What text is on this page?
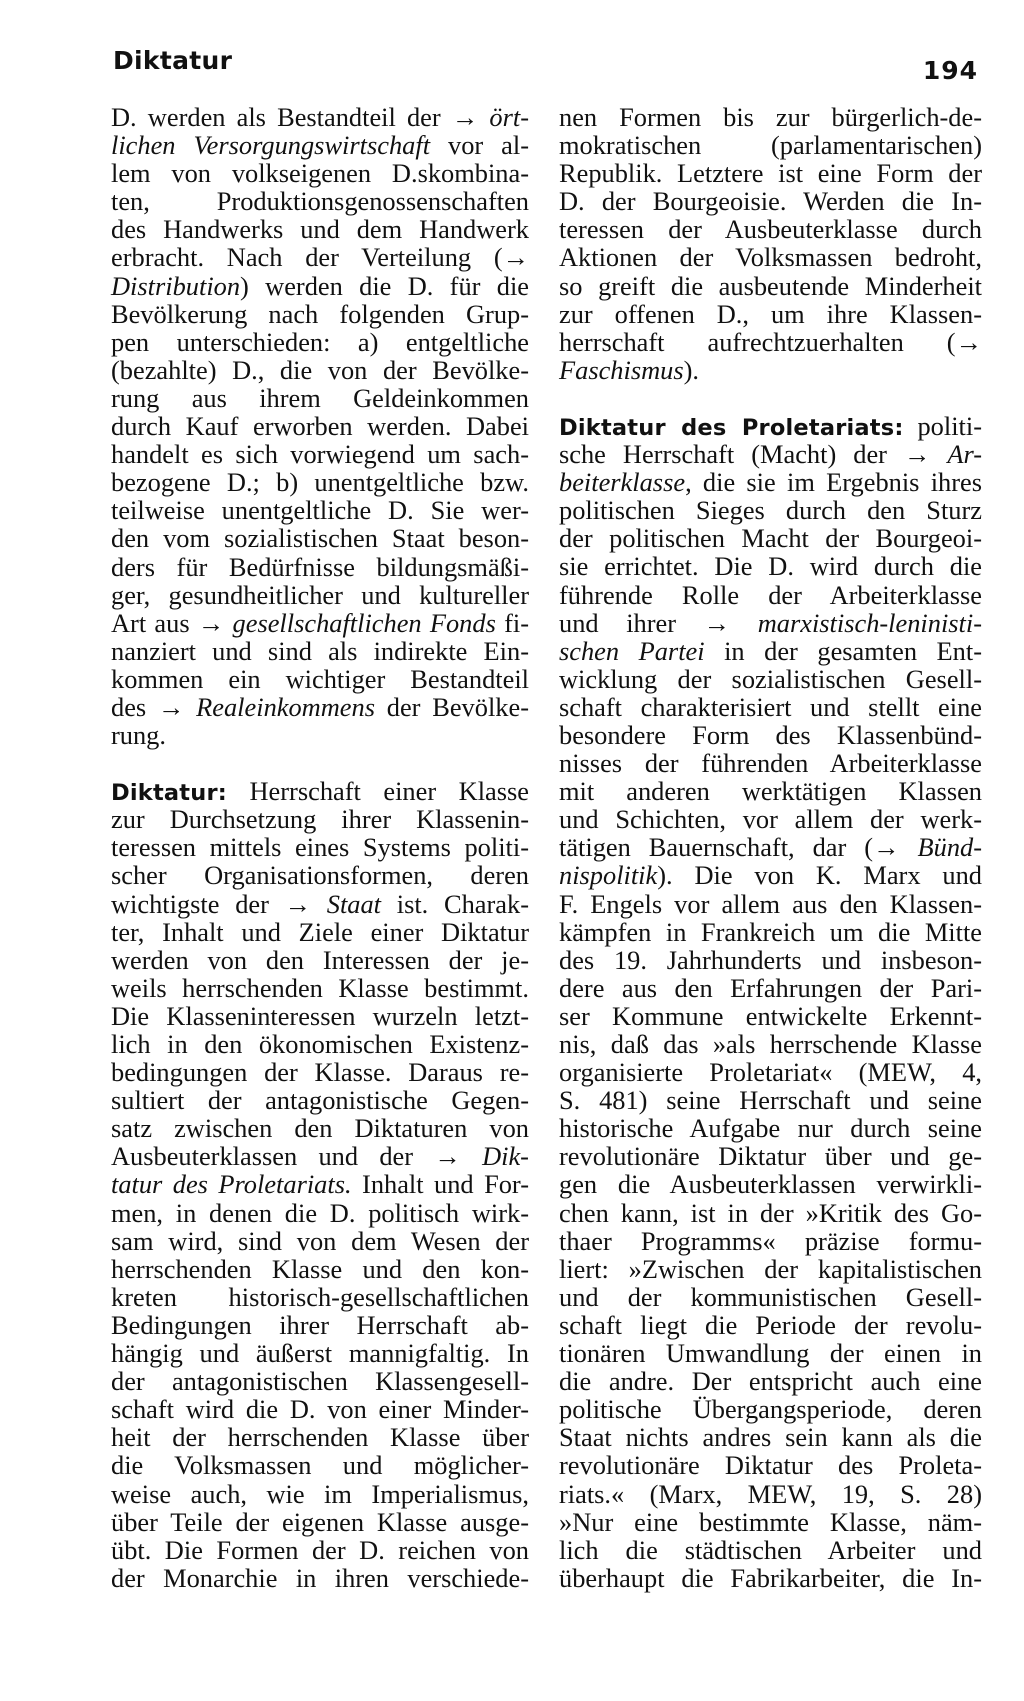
Diktatur	194
D. werden als Bestandteil der → ört-
lichen Versorgungswirtschaft vor al-
lem von volkseigenen D.skombina-
ten, Produktionsgenossenschaften
des Handwerks und dem Handwerk
erbracht. Nach der Verteilung (→
Distribution) werden die D. für die
Bevölkerung nach folgenden Grup-
pen unterschieden: a) entgeltliche
(bezahlte) D., die von der Bevölke-
rung aus ihrem Geldeinkommen
durch Kauf erworben werden. Dabei
handelt es sich vorwiegend um sach-
bezogene D.; b) unentgeltliche bzw.
teilweise unentgeltliche D. Sie wer-
den vom sozialistischen Staat beson-
ders für Bedürfnisse bildungsmäßi-
ger, gesundheitlicher und kultureller
Art aus → gesellschaftlichen Fonds fi-
nanziert und sind als indirekte Ein-
kommen ein wichtiger Bestandteil
des → Realeinkommens der Bevölke-
rung.
Diktatur: Herrschaft einer Klasse
zur Durchsetzung ihrer Klassenin-
teressen mittels eines Systems politi-
scher Organisationsformen, deren
wichtigste der → Staat ist. Charak-
ter, Inhalt und Ziele einer Diktatur
werden von den Interessen der je-
weils herrschenden Klasse bestimmt.
Die Klasseninteressen wurzeln letzt-
lich in den ökonomischen Existenz-
bedingungen der Klasse. Daraus re-
sultiert der antagonistische Gegen-
satz zwischen den Diktaturen von
Ausbeuterklassen und der → Dik-
tatur des Proletariats. Inhalt und For-
men, in denen die D. politisch wirk-
sam wird, sind von dem Wesen der
herrschenden Klasse und den kon-
kreten historisch-gesellschaftlichen
Bedingungen ihrer Herrschaft ab-
hängig und äußerst mannigfaltig. In
der antagonistischen Klassengesell-
schaft wird die D. von einer Minder-
heit der herrschenden Klasse über
die Volksmassen und möglicher-
weise auch, wie im Imperialismus,
über Teile der eigenen Klasse ausge-
übt. Die Formen der D. reichen von
der Monarchie in ihren verschiede-
nen Formen bis zur bürgerlich-de-
mokratischen (parlamentarischen)
Republik. Letztere ist eine Form der
D. der Bourgeoisie. Werden die In-
teressen der Ausbeuterklasse durch
Aktionen der Volksmassen bedroht,
so greift die ausbeutende Minderheit
zur offenen D., um ihre Klassen-
herrschaft aufrechtzuerhalten (→
Faschismus).
Diktatur des Proletariats: politi-
sche Herrschaft (Macht) der → Ar-
beiterklasse, die sie im Ergebnis ihres
politischen Sieges durch den Sturz
der politischen Macht der Bourgeoi-
sie errichtet. Die D. wird durch die
führende Rolle der Arbeiterklasse
und ihrer → marxistisch-leninisti-
schen Partei in der gesamten Ent-
wicklung der sozialistischen Gesell-
schaft charakterisiert und stellt eine
besondere Form des Klassenbünd-
nisses der führenden Arbeiterklasse
mit anderen werktätigen Klassen
und Schichten, vor allem der werk-
tätigen Bauernschaft, dar (→ Bünd-
nispolitik). Die von K. Marx und
F. Engels vor allem aus den Klassen-
kämpfen in Frankreich um die Mitte
des 19. Jahrhunderts und insbeson-
dere aus den Erfahrungen der Pari-
ser Kommune entwickelte Erkennt-
nis, daß das »als herrschende Klasse
organisierte Proletariat« (MEW, 4,
S. 481) seine Herrschaft und seine
historische Aufgabe nur durch seine
revolutionäre Diktatur über und ge-
gen die Ausbeuterklassen verwirkli-
chen kann, ist in der »Kritik des Go-
thaer Programms« präzise formu-
liert: »Zwischen der kapitalistischen
und der kommunistischen Gesell-
schaft liegt die Periode der revolu-
tionären Umwandlung der einen in
die andre. Der entspricht auch eine
politische Übergangsperiode, deren
Staat nichts andres sein kann als die
revolutionäre Diktatur des Proleta-
riats.« (Marx, MEW, 19, S. 28)
»Nur eine bestimmte Klasse, näm-
lich die städtischen Arbeiter und
überhaupt die Fabrikarbeiter, die In-
